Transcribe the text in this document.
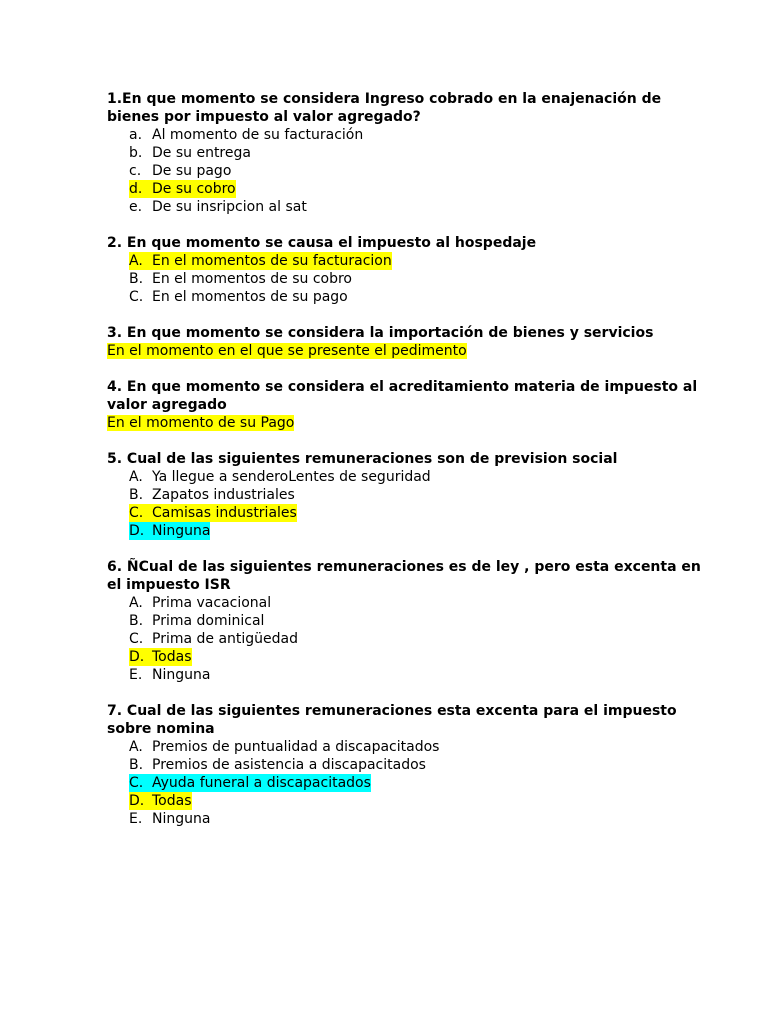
1.En que momento se considera Ingreso cobrado en la enajenación de bienes por impuesto al valor agregado?
a. Al momento de su facturación
b. De su entrega
c. De su pago
d. De su cobro
e. De su insripcion al sat
2. En que momento se causa el impuesto al hospedaje
A. En el momentos de su facturacion
B. En el momentos de su cobro
C. En el momentos de su pago
3. En que momento se considera la importación de bienes y servicios
En el momento en el que se presente el pedimento
4. En que momento se considera el acreditamiento materia de impuesto al valor agregado
En el momento de su Pago
5. Cual de las siguientes remuneraciones son de prevision social
A. Ya llegue a senderoLentes de seguridad
B. Zapatos industriales
C. Camisas industriales
D. Ninguna
6. ÑCual de las siguientes remuneraciones es de ley , pero esta excenta en el impuesto ISR
A. Prima vacacional
B. Prima dominical
C. Prima de antigüedad
D. Todas
E. Ninguna
7. Cual de las siguientes remuneraciones esta excenta para el impuesto sobre nomina
A. Premios de puntualidad a discapacitados
B. Premios de asistencia a discapacitados
C. Ayuda funeral a discapacitados
D. Todas
E. Ninguna
